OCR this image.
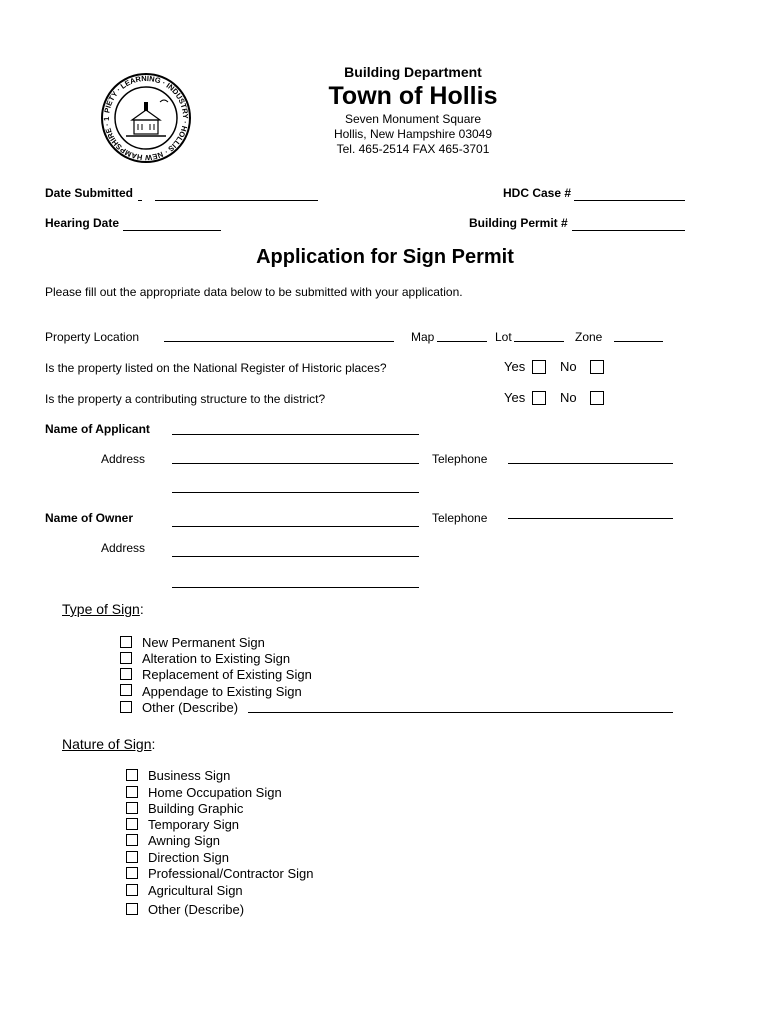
PIETY · LEARNING · INDUSTRY · HOLLIS · NEW HAMPSHIRE · 1
Building Department
Town of Hollis
Seven Monument Square
Hollis, New Hampshire 03049
Tel. 465-2514 FAX 465-3701
Date Submitted	HDC Case #
Hearing Date	Building Permit #
Application for Sign Permit
Please fill out the appropriate data below to be submitted with your application.
Property Location	Map	Lot	Zone
Is the property listed on the National Register of Historic places?	Yes	No
Is the property a contributing structure to the district?	Yes	No
Name of Applicant
Address	Telephone
Name of Owner	Telephone
Address
Type of Sign:
New Permanent Sign
Alteration to Existing Sign
Replacement of Existing Sign
Appendage to Existing Sign
Other (Describe)
Nature of Sign:
Business Sign
Home Occupation Sign
Building Graphic
Temporary Sign
Awning Sign
Direction Sign
Professional/Contractor Sign
Agricultural Sign
Other (Describe)
